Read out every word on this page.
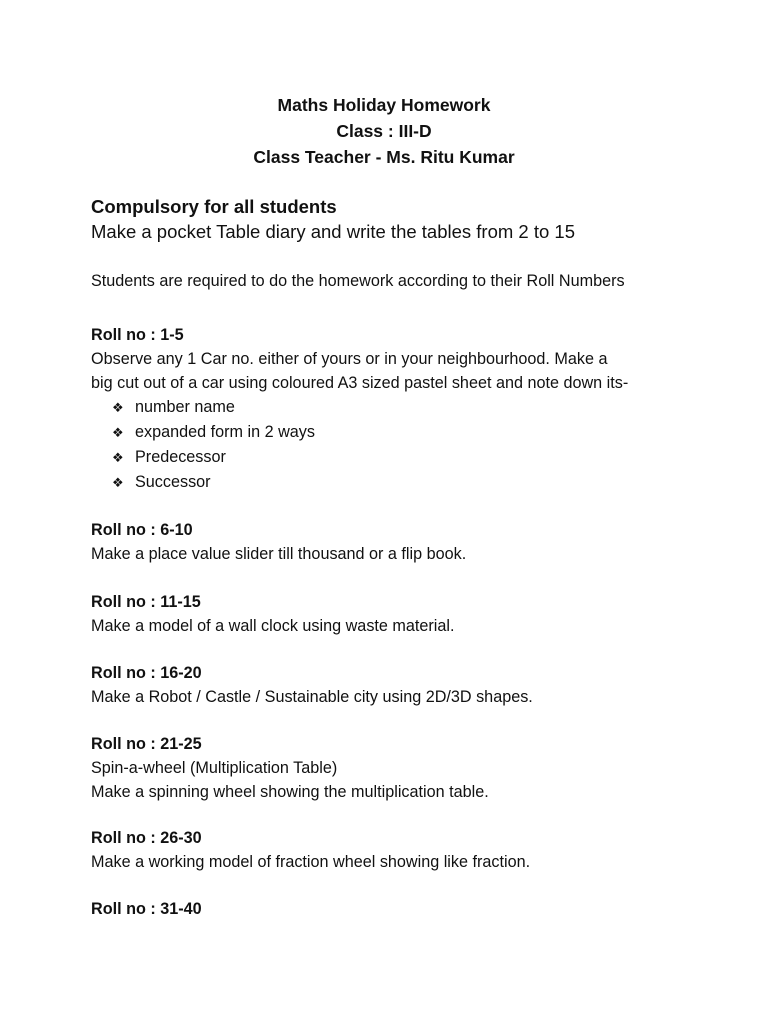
Maths Holiday Homework
Class : III-D
Class Teacher - Ms. Ritu Kumar
Compulsory for all students
Make a pocket Table diary and write the tables from 2 to 15
Students are required to do the homework according to their Roll Numbers
Roll no : 1-5
Observe any 1 Car no. either of yours or in your neighbourhood. Make a
big cut out of a car using coloured A3 sized pastel sheet and note down its-
❖ number name
❖ expanded form in 2 ways
❖ Predecessor
❖ Successor
Roll no : 6-10
Make a place value slider till thousand or a flip book.
Roll no : 11-15
Make a model of a wall clock using waste material.
Roll no : 16-20
Make a Robot / Castle / Sustainable city using 2D/3D shapes.
Roll no : 21-25
Spin-a-wheel (Multiplication Table)
Make a spinning wheel showing the multiplication table.
Roll no : 26-30
Make a working model of fraction wheel showing like fraction.
Roll no : 31-40
